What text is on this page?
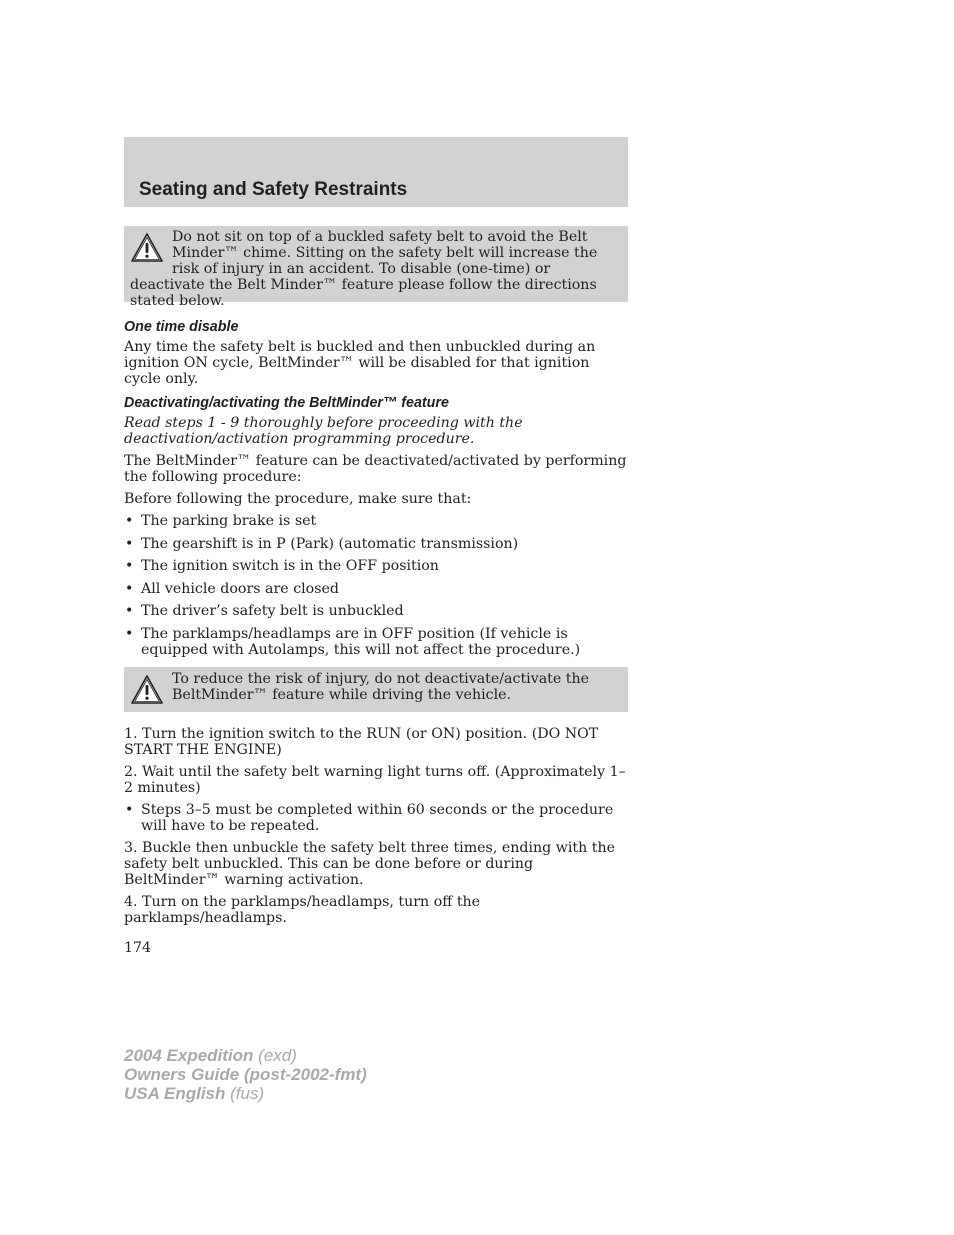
Seating and Safety Restraints

Do not sit on top of a buckled safety belt to avoid the Belt Minder™ chime. Sitting on the safety belt will increase the risk of injury in an accident. To disable (one-time) or deactivate the Belt Minder™ feature please follow the directions stated below.

One time disable

Any time the safety belt is buckled and then unbuckled during an ignition ON cycle, BeltMinder™ will be disabled for that ignition cycle only.

Deactivating/activating the BeltMinder™ feature

Read steps 1 - 9 thoroughly before proceeding with the deactivation/activation programming procedure.

The BeltMinder™ feature can be deactivated/activated by performing the following procedure:

Before following the procedure, make sure that:

• The parking brake is set
• The gearshift is in P (Park) (automatic transmission)
• The ignition switch is in the OFF position
• All vehicle doors are closed
• The driver’s safety belt is unbuckled
• The parklamps/headlamps are in OFF position (If vehicle is equipped with Autolamps, this will not affect the procedure.)

To reduce the risk of injury, do not deactivate/activate the BeltMinder™ feature while driving the vehicle.

1. Turn the ignition switch to the RUN (or ON) position. (DO NOT START THE ENGINE)

2. Wait until the safety belt warning light turns off. (Approximately 1–2 minutes)

• Steps 3–5 must be completed within 60 seconds or the procedure will have to be repeated.

3. Buckle then unbuckle the safety belt three times, ending with the safety belt unbuckled. This can be done before or during BeltMinder™ warning activation.

4. Turn on the parklamps/headlamps, turn off the parklamps/headlamps.

174
2004 Expedition (exd)
Owners Guide (post-2002-fmt)
USA English (fus)
